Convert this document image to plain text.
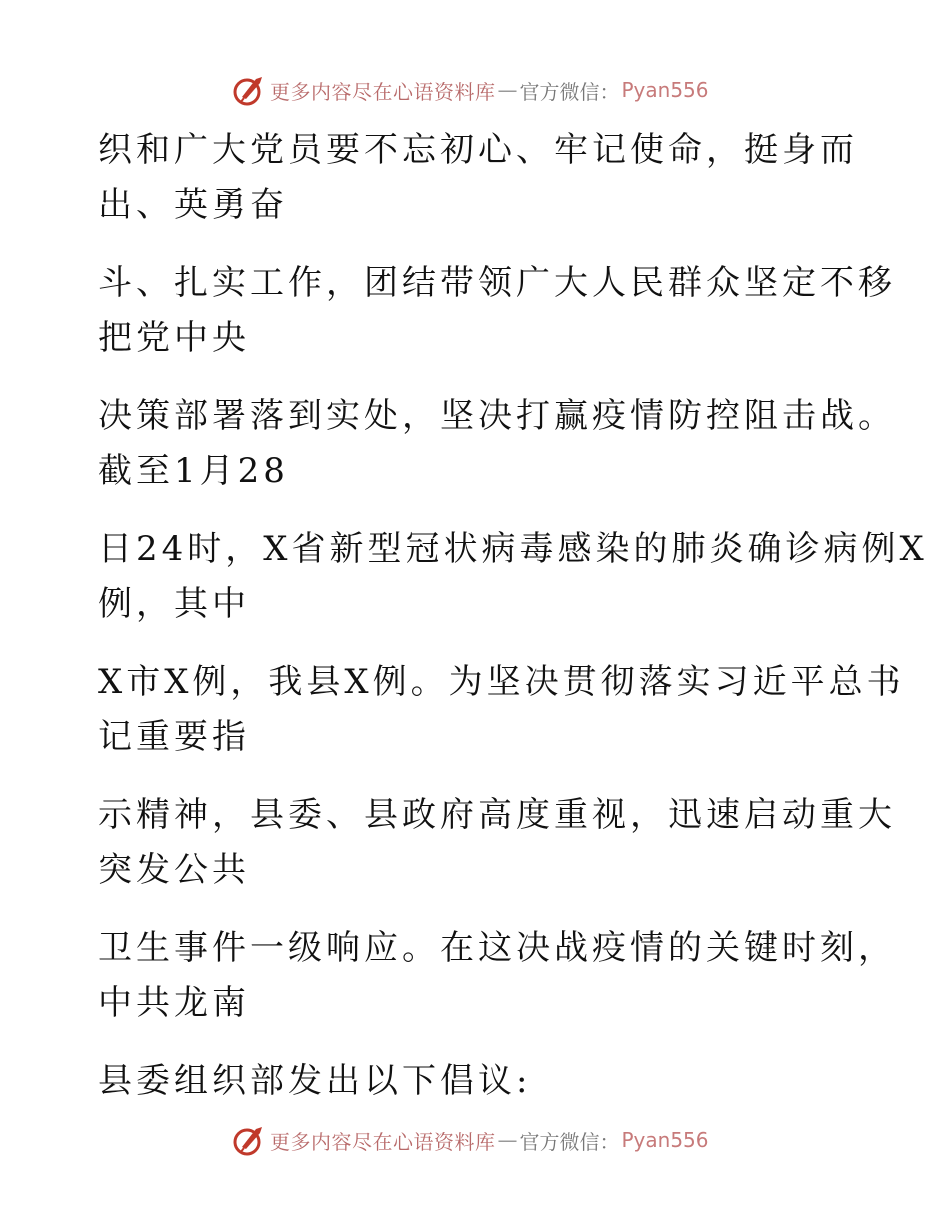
更多内容尽在心语资料库 — 官方微信： Pyan556
织和广大党员要不忘初心、牢记使命，挺身而
出、英勇奋
斗、扎实工作，团结带领广大人民群众坚定不移
把党中央
决策部署落到实处，坚决打赢疫情防控阻击战。
截至1月28
日24时，X省新型冠状病毒感染的肺炎确诊病例X
例，其中
X市X例，我县X例。为坚决贯彻落实习近平总书
记重要指
示精神，县委、县政府高度重视，迅速启动重大
突发公共
卫生事件一级响应。在这决战疫情的关键时刻，
中共龙南
县委组织部发出以下倡议:
更多内容尽在心语资料库 — 官方微信： Pyan556
